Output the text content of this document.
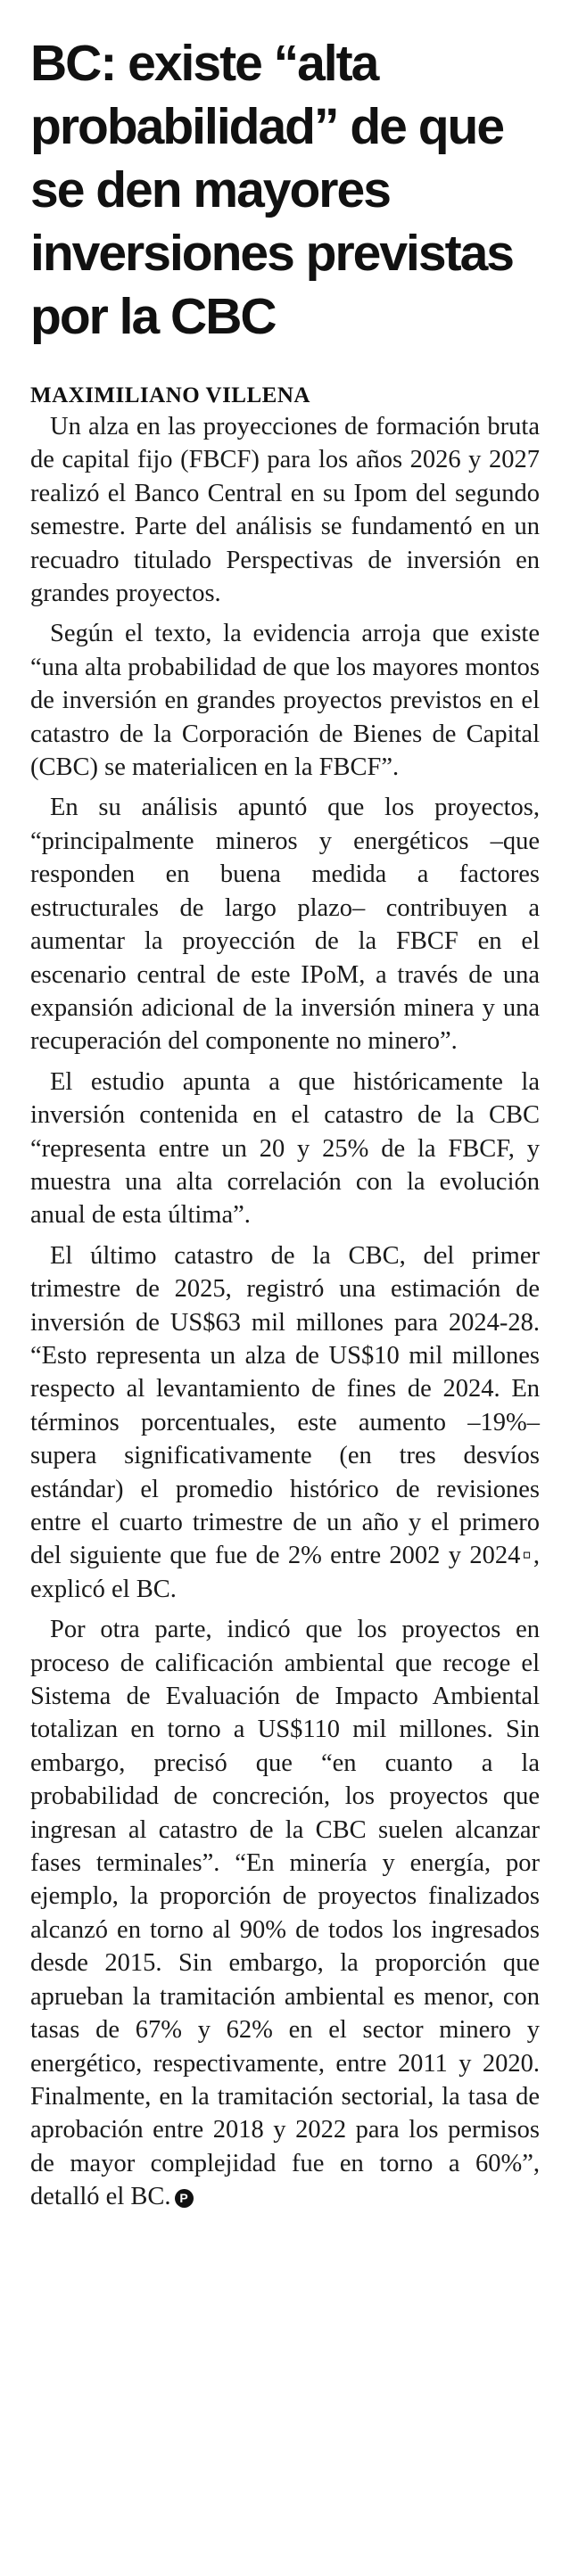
BC: existe “alta probabilidad” de que se den mayores inversiones previstas por la CBC
MAXIMILIANO VILLENA

Un alza en las proyecciones de formación bruta de capital fijo (FBCF) para los años 2026 y 2027 realizó el Banco Central en su Ipom del segundo semestre. Parte del análisis se fundamentó en un recuadro titulado Perspectivas de inversión en grandes proyectos.

Según el texto, la evidencia arroja que existe “una alta probabilidad de que los mayores montos de inversión en grandes proyectos previstos en el catastro de la Corporación de Bienes de Capital (CBC) se materialicen en la FBCF”.

En su análisis apuntó que los proyectos, “principalmente mineros y energéticos –que responden en buena medida a factores estructurales de largo plazo– contribuyen a aumentar la proyección de la FBCF en el escenario central de este IPoM, a través de una expansión adicional de la inversión minera y una recuperación del componente no minero”.

El estudio apunta a que históricamente la inversión contenida en el catastro de la CBC “representa entre un 20 y 25% de la FBCF, y muestra una alta correlación con la evolución anual de esta última”.

El último catastro de la CBC, del primer trimestre de 2025, registró una estimación de inversión de US$63 mil millones para 2024-28. “Esto representa un alza de US$10 mil millones respecto al levantamiento de fines de 2024. En términos porcentuales, este aumento –19%– supera significativamente (en tres desvíos estándar) el promedio histórico de revisiones entre el cuarto trimestre de un año y el primero del siguiente que fue de 2% entre 2002 y 2024▫, explicó el BC.

Por otra parte, indicó que los proyectos en proceso de calificación ambiental que recoge el Sistema de Evaluación de Impacto Ambiental totalizan en torno a US$110 mil millones. Sin embargo, precisó que “en cuanto a la probabilidad de concreción, los proyectos que ingresan al catastro de la CBC suelen alcanzar fases terminales”. “En minería y energía, por ejemplo, la proporción de proyectos finalizados alcanzó en torno al 90% de todos los ingresados desde 2015. Sin embargo, la proporción que aprueban la tramitación ambiental es menor, con tasas de 67% y 62% en el sector minero y energético, respectivamente, entre 2011 y 2020. Finalmente, en la tramitación sectorial, la tasa de aprobación entre 2018 y 2022 para los permisos de mayor complejidad fue en torno a 60%”, detalló el BC. P
